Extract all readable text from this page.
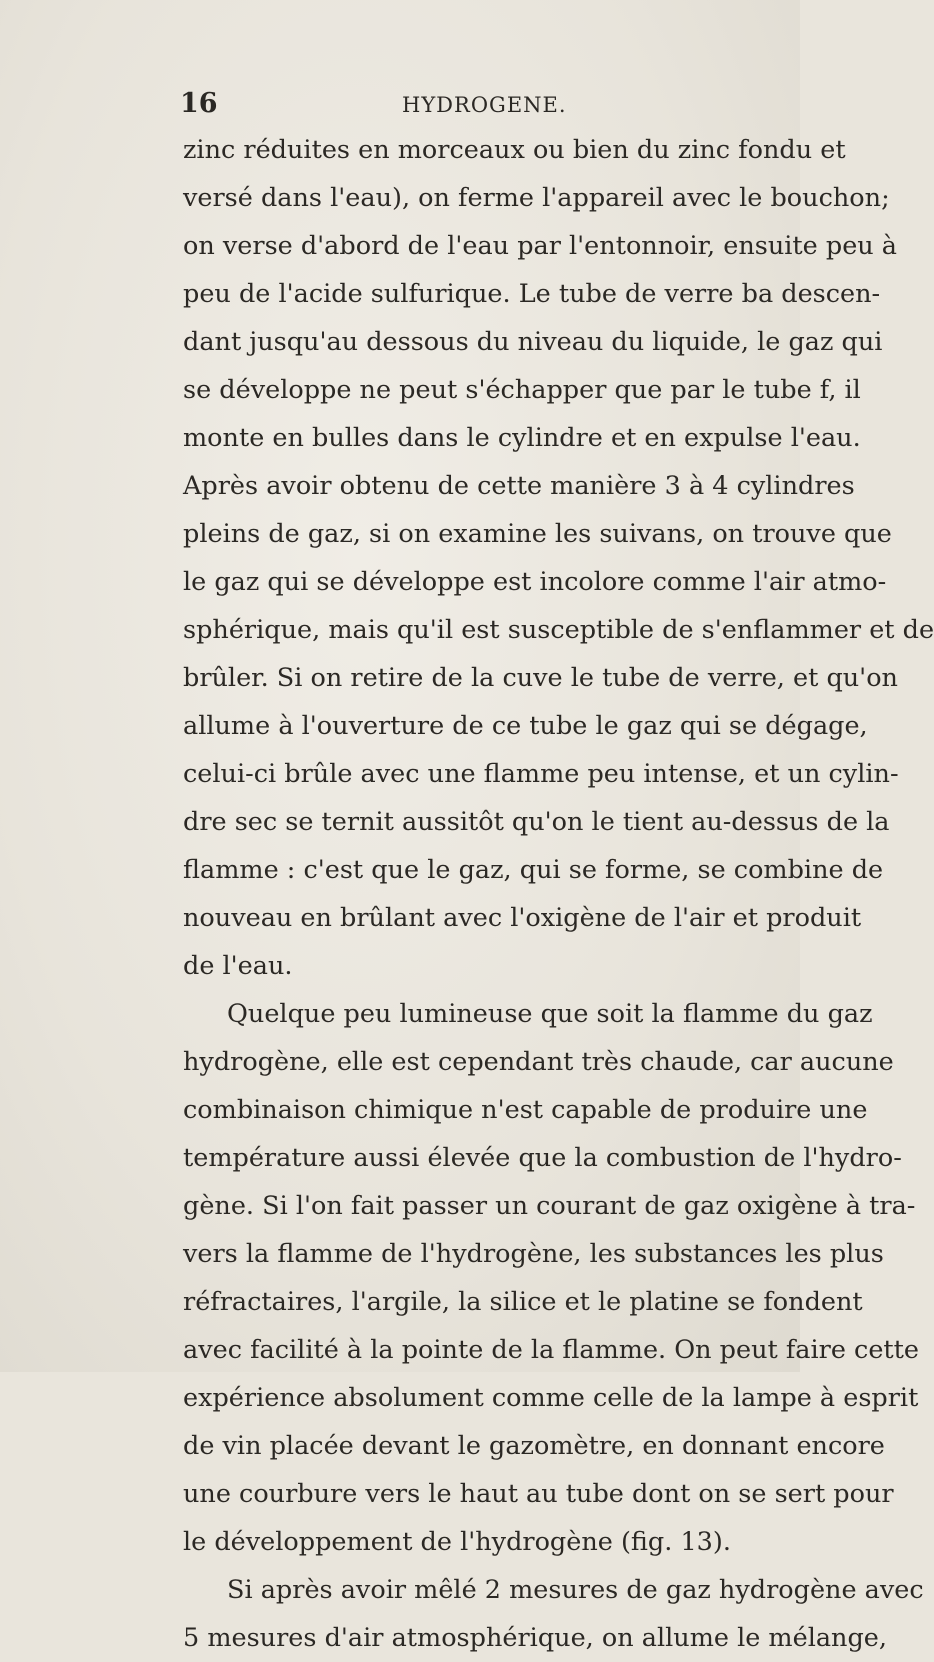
16	HYDROGENE.
zinc réduites en morceaux ou bien du zinc fondu et
versé dans l'eau), on ferme l'appareil avec le bouchon;
on verse d'abord de l'eau par l'entonnoir, ensuite peu à
peu de l'acide sulfurique. Le tube de verre ba descen-
dant jusqu'au dessous du niveau du liquide, le gaz qui
se développe ne peut s'échapper que par le tube f, il
monte en bulles dans le cylindre et en expulse l'eau.
Après avoir obtenu de cette manière 3 à 4 cylindres
pleins de gaz, si on examine les suivans, on trouve que
le gaz qui se développe est incolore comme l'air atmo-
sphérique, mais qu'il est susceptible de s'enflammer et de
brûler. Si on retire de la cuve le tube de verre, et qu'on
allume à l'ouverture de ce tube le gaz qui se dégage,
celui-ci brûle avec une flamme peu intense, et un cylin-
dre sec se ternit aussitôt qu'on le tient au-dessus de la
flamme : c'est que le gaz, qui se forme, se combine de
nouveau en brûlant avec l'oxigène de l'air et produit
de l'eau.
Quelque peu lumineuse que soit la flamme du gaz
hydrogène, elle est cependant très chaude, car aucune
combinaison chimique n'est capable de produire une
température aussi élevée que la combustion de l'hydro-
gène. Si l'on fait passer un courant de gaz oxigène à tra-
vers la flamme de l'hydrogène, les substances les plus
réfractaires, l'argile, la silice et le platine se fondent
avec facilité à la pointe de la flamme. On peut faire cette
expérience absolument comme celle de la lampe à esprit
de vin placée devant le gazomètre, en donnant encore
une courbure vers le haut au tube dont on se sert pour
le développement de l'hydrogène (fig. 13).
Si après avoir mêlé 2 mesures de gaz hydrogène avec
5 mesures d'air atmosphérique, on allume le mélange,
